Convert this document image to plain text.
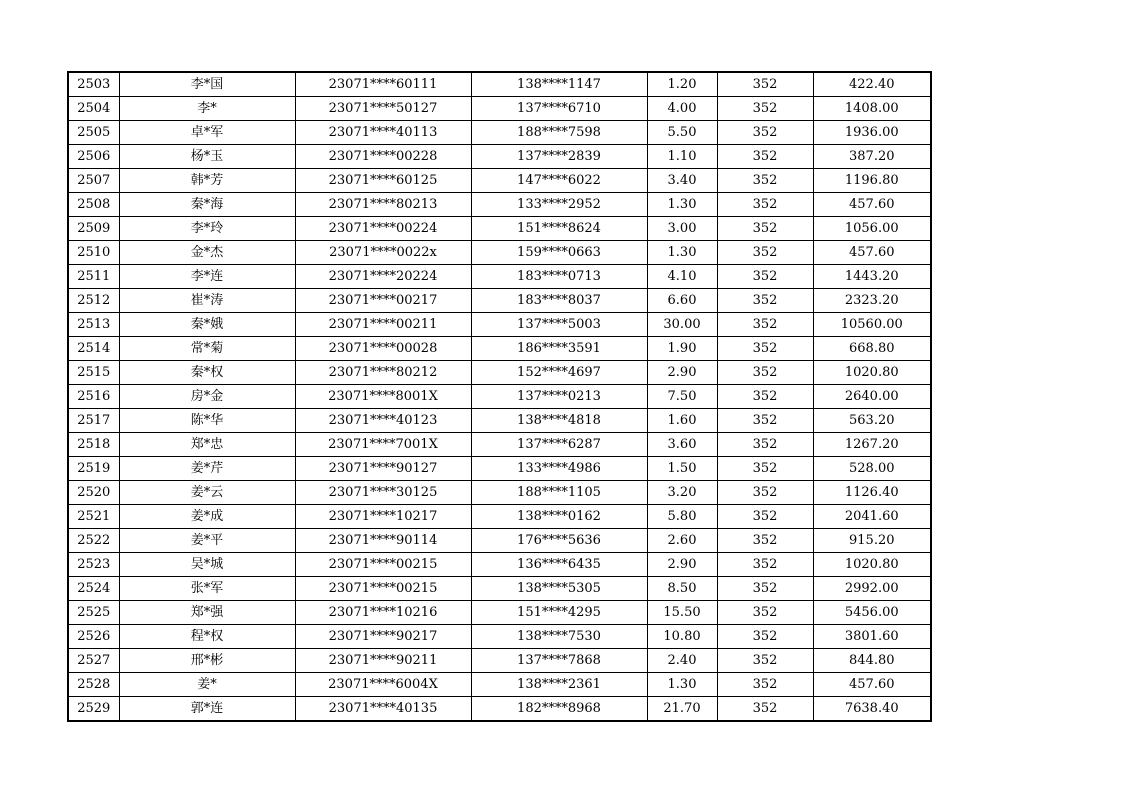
2503	李*国	23071****60111	138****1147	1.20	352	422.40
2504	李*	23071****50127	137****6710	4.00	352	1408.00
2505	卓*军	23071****40113	188****7598	5.50	352	1936.00
2506	杨*玉	23071****00228	137****2839	1.10	352	387.20
2507	韩*芳	23071****60125	147****6022	3.40	352	1196.80
2508	秦*海	23071****80213	133****2952	1.30	352	457.60
2509	李*玲	23071****00224	151****8624	3.00	352	1056.00
2510	金*杰	23071****0022x	159****0663	1.30	352	457.60
2511	李*连	23071****20224	183****0713	4.10	352	1443.20
2512	崔*涛	23071****00217	183****8037	6.60	352	2323.20
2513	秦*娥	23071****00211	137****5003	30.00	352	10560.00
2514	常*菊	23071****00028	186****3591	1.90	352	668.80
2515	秦*权	23071****80212	152****4697	2.90	352	1020.80
2516	房*金	23071****8001X	137****0213	7.50	352	2640.00
2517	陈*华	23071****40123	138****4818	1.60	352	563.20
2518	郑*忠	23071****7001X	137****6287	3.60	352	1267.20
2519	姜*芹	23071****90127	133****4986	1.50	352	528.00
2520	姜*云	23071****30125	188****1105	3.20	352	1126.40
2521	姜*成	23071****10217	138****0162	5.80	352	2041.60
2522	姜*平	23071****90114	176****5636	2.60	352	915.20
2523	吴*城	23071****00215	136****6435	2.90	352	1020.80
2524	张*军	23071****00215	138****5305	8.50	352	2992.00
2525	郑*强	23071****10216	151****4295	15.50	352	5456.00
2526	程*权	23071****90217	138****7530	10.80	352	3801.60
2527	邢*彬	23071****90211	137****7868	2.40	352	844.80
2528	姜*	23071****6004X	138****2361	1.30	352	457.60
2529	郭*连	23071****40135	182****8968	21.70	352	7638.40
